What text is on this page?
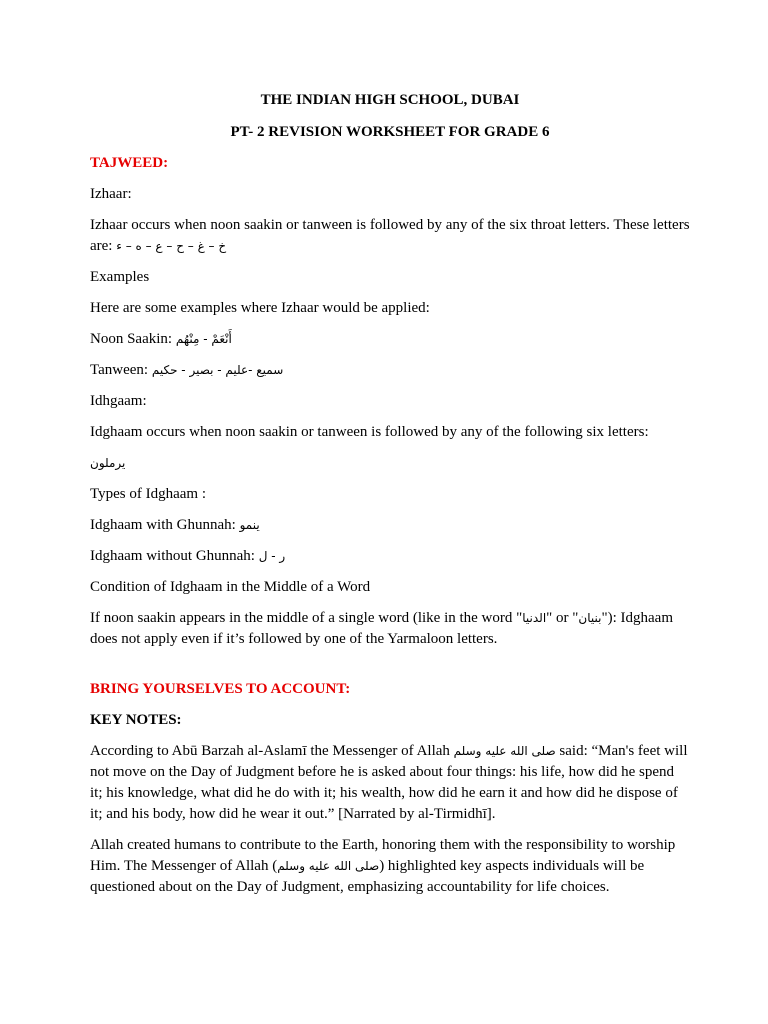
THE INDIAN HIGH SCHOOL, DUBAI

PT- 2 REVISION WORKSHEET FOR GRADE 6

TAJWEED:

Izhaar:

Izhaar occurs when noon saakin or tanween is followed by any of the six throat letters. These letters are: خ – غ – ح – ع – ه – ء

Examples

Here are some examples where Izhaar would be applied:

Noon Saakin: أَنْعَمْ - مِنْهُم

Tanween: سميع -عليم - بصير - حكيم

Idhgaam:

Idghaam occurs when noon saakin or tanween is followed by any of the following six letters:

يرملون

Types of Idghaam :

Idghaam with Ghunnah: ينمو

Idghaam without Ghunnah: ر - ل

Condition of Idghaam in the Middle of a Word

If noon saakin appears in the middle of a single word (like in the word "الدنيا" or "بنيان"): Idghaam does not apply even if it’s followed by one of the Yarmaloon letters.

BRING YOURSELVES TO ACCOUNT:

KEY NOTES:

According to Abū Barzah al-Aslamī the Messenger of Allah صلى الله عليه وسلم said: “Man's feet will not move on the Day of Judgment before he is asked about four things: his life, how did he spend it; his knowledge, what did he do with it; his wealth, how did he earn it and how did he dispose of it; and his body, how did he wear it out.” [Narrated by al-Tirmidhī].

Allah created humans to contribute to the Earth, honoring them with the responsibility to worship Him. The Messenger of Allah (صلى الله عليه وسلم) highlighted key aspects individuals will be questioned about on the Day of Judgment, emphasizing accountability for life choices.
